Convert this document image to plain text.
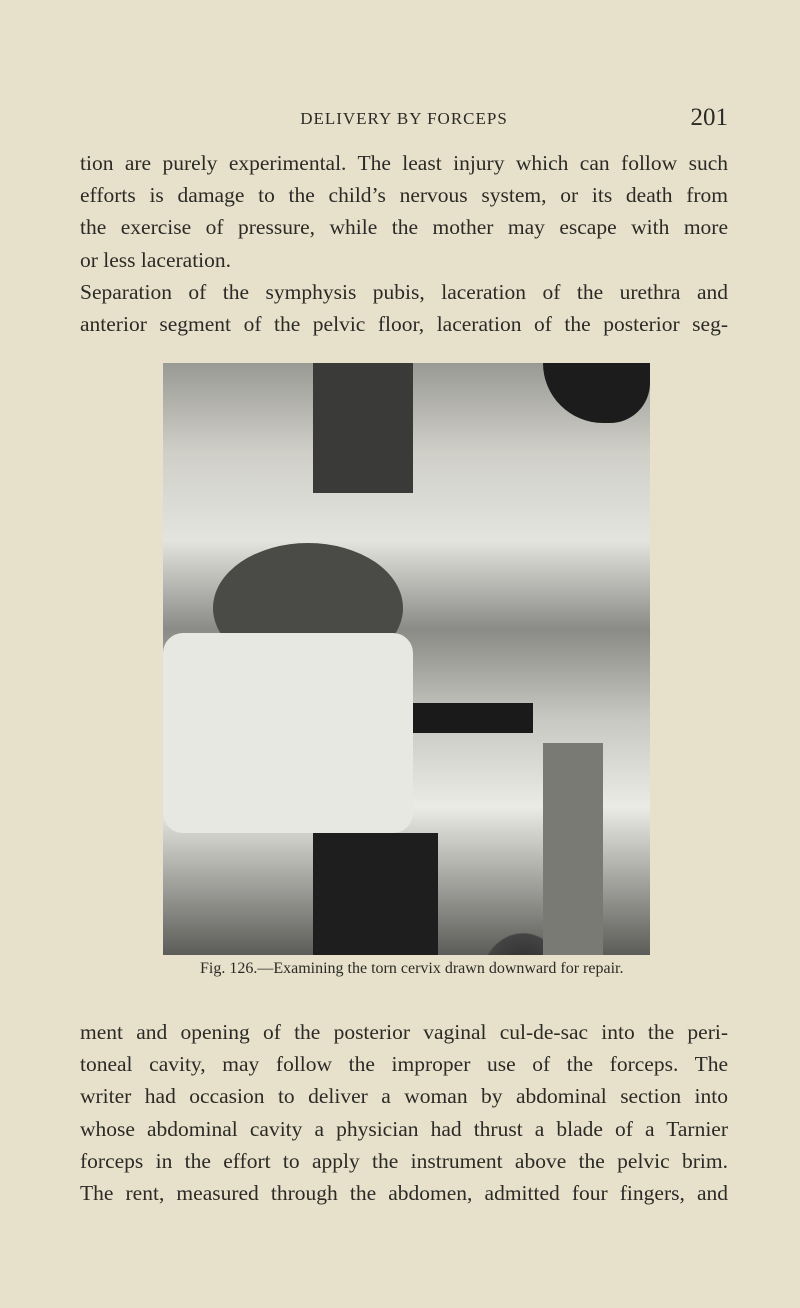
DELIVERY BY FORCEPS	201
tion are purely experimental. The least injury which can follow such
efforts is damage to the child’s nervous system, or its death from
the exercise of pressure, while the mother may escape with more
or less laceration.
Separation of the symphysis pubis, laceration of the urethra and
anterior segment of the pelvic floor, laceration of the posterior seg-
Fig. 126.—Examining the torn cervix drawn downward for repair.
ment and opening of the posterior vaginal cul-de-sac into the peri-
toneal cavity, may follow the improper use of the forceps. The
writer had occasion to deliver a woman by abdominal section into
whose abdominal cavity a physician had thrust a blade of a Tarnier
forceps in the effort to apply the instrument above the pelvic brim.
The rent, measured through the abdomen, admitted four fingers, and
